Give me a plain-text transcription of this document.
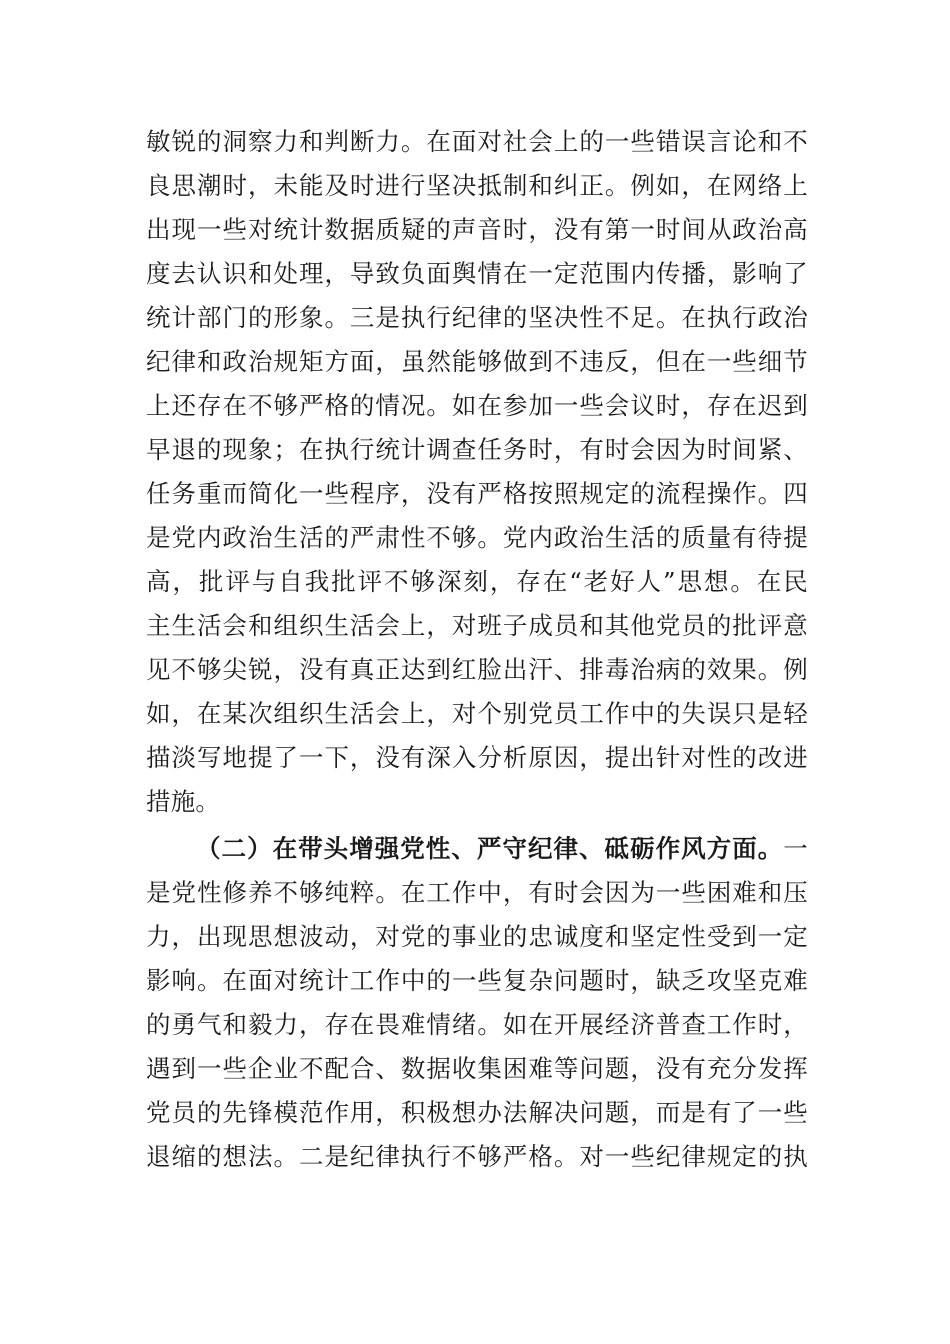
敏锐的洞察力和判断力。在面对社会上的一些错误言论和不
良思潮时，未能及时进行坚决抵制和纠正。例如，在网络上
出现一些对统计数据质疑的声音时，没有第一时间从政治高
度去认识和处理，导致负面舆情在一定范围内传播，影响了
统计部门的形象。三是执行纪律的坚决性不足。在执行政治
纪律和政治规矩方面，虽然能够做到不违反，但在一些细节
上还存在不够严格的情况。如在参加一些会议时，存在迟到
早退的现象；在执行统计调查任务时，有时会因为时间紧、
任务重而简化一些程序，没有严格按照规定的流程操作。四
是党内政治生活的严肃性不够。党内政治生活的质量有待提
高，批评与自我批评不够深刻，存在“老好人”思想。在民
主生活会和组织生活会上，对班子成员和其他党员的批评意
见不够尖锐，没有真正达到红脸出汗、排毒治病的效果。例
如，在某次组织生活会上，对个别党员工作中的失误只是轻
描淡写地提了一下，没有深入分析原因，提出针对性的改进
措施。
（二）在带头增强党性、严守纪律、砥砺作风方面。一
是党性修养不够纯粹。在工作中，有时会因为一些困难和压
力，出现思想波动，对党的事业的忠诚度和坚定性受到一定
影响。在面对统计工作中的一些复杂问题时，缺乏攻坚克难
的勇气和毅力，存在畏难情绪。如在开展经济普查工作时，
遇到一些企业不配合、数据收集困难等问题，没有充分发挥
党员的先锋模范作用，积极想办法解决问题，而是有了一些
退缩的想法。二是纪律执行不够严格。对一些纪律规定的执
